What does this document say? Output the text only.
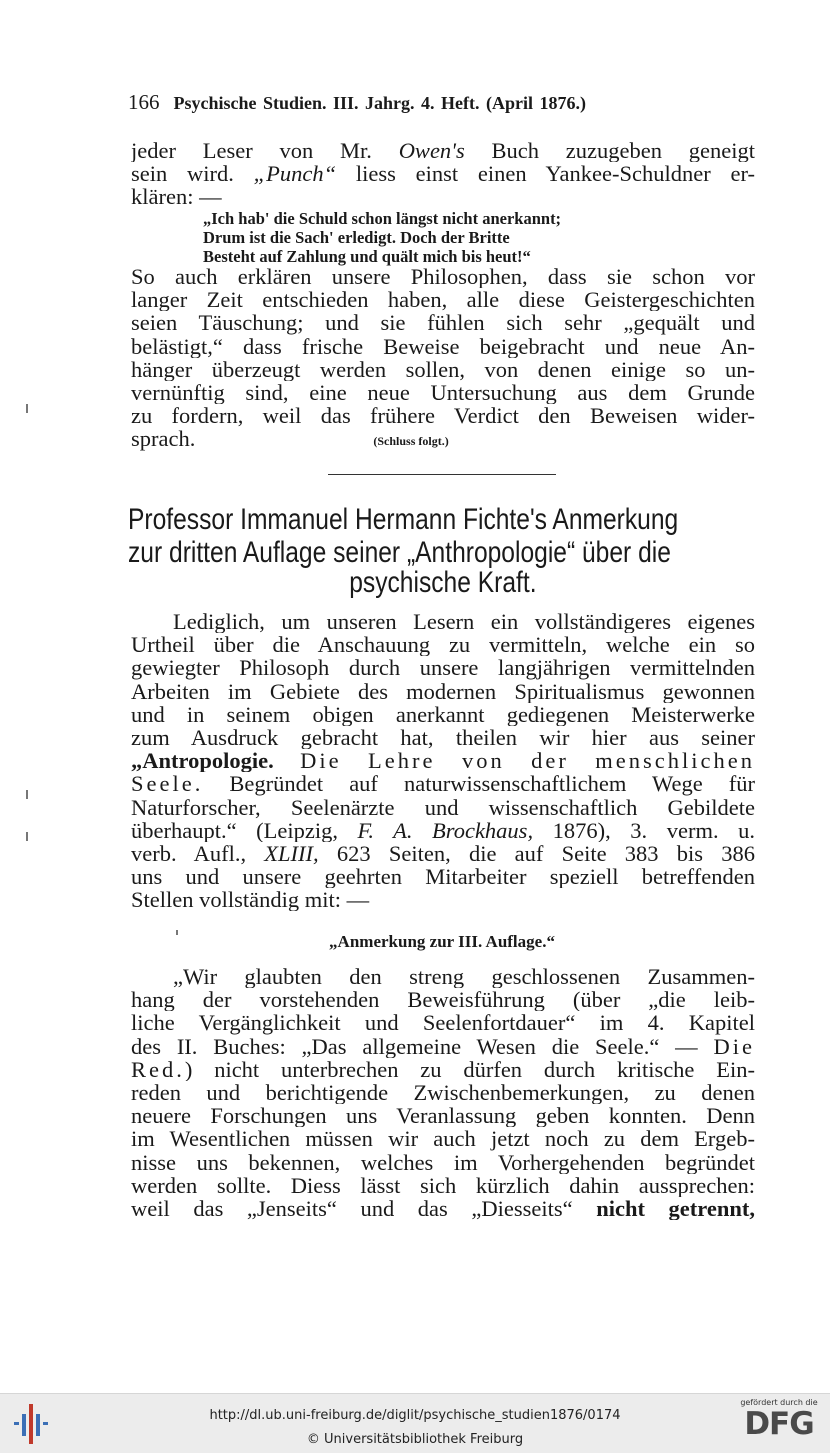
166 Psychische Studien. III. Jahrg. 4. Heft. (April 1876.)
jeder Leser von Mr. Owen's Buch zuzugeben geneigt
sein wird. „Punch“ liess einst einen Yankee-Schuldner er-
klären: —
„Ich hab' die Schuld schon längst nicht anerkannt;
Drum ist die Sach' erledigt. Doch der Britte
Besteht auf Zahlung und quält mich bis heut!“
So auch erklären unsere Philosophen, dass sie schon vor
langer Zeit entschieden haben, alle diese Geistergeschichten
seien Täuschung; und sie fühlen sich sehr „gequält und
belästigt,“ dass frische Beweise beigebracht und neue An-
hänger überzeugt werden sollen, von denen einige so un-
vernünftig sind, eine neue Untersuchung aus dem Grunde
zu fordern, weil das frühere Verdict den Beweisen wider-
sprach.	(Schluss folgt.)
Professor Immanuel Hermann Fichte's Anmerkung
zur dritten Auflage seiner „Anthropologie“ über die
psychische Kraft.
Lediglich, um unseren Lesern ein vollständigeres eigenes
Urtheil über die Anschauung zu vermitteln, welche ein so
gewiegter Philosoph durch unsere langjährigen vermittelnden
Arbeiten im Gebiete des modernen Spiritualismus gewonnen
und in seinem obigen anerkannt gediegenen Meisterwerke
zum Ausdruck gebracht hat, theilen wir hier aus seiner
„Antropologie. Die Lehre von der menschlichen
Seele. Begründet auf naturwissenschaftlichem Wege für
Naturforscher, Seelenärzte und wissenschaftlich Gebildete
überhaupt.“ (Leipzig, F. A. Brockhaus, 1876), 3. verm. u.
verb. Aufl., XLIII, 623 Seiten, die auf Seite 383 bis 386
uns und unsere geehrten Mitarbeiter speziell betreffenden
Stellen vollständig mit: —
„Anmerkung zur III. Auflage.“
„Wir glaubten den streng geschlossenen Zusammen-
hang der vorstehenden Beweisführung (über „die leib-
liche Vergänglichkeit und Seelenfortdauer“ im 4. Kapitel
des II. Buches: „Das allgemeine Wesen die Seele.“ — Die
Red.) nicht unterbrechen zu dürfen durch kritische Ein-
reden und berichtigende Zwischenbemerkungen, zu denen
neuere Forschungen uns Veranlassung geben konnten. Denn
im Wesentlichen müssen wir auch jetzt noch zu dem Ergeb-
nisse uns bekennen, welches im Vorhergehenden begründet
werden sollte. Diess lässt sich kürzlich dahin aussprechen:
weil das „Jenseits“ und das „Diesseits“ nicht getrennt,
http://dl.ub.uni-freiburg.de/diglit/psychische_studien1876/0174
© Universitätsbibliothek Freiburg
gefördert durch die
DFG
